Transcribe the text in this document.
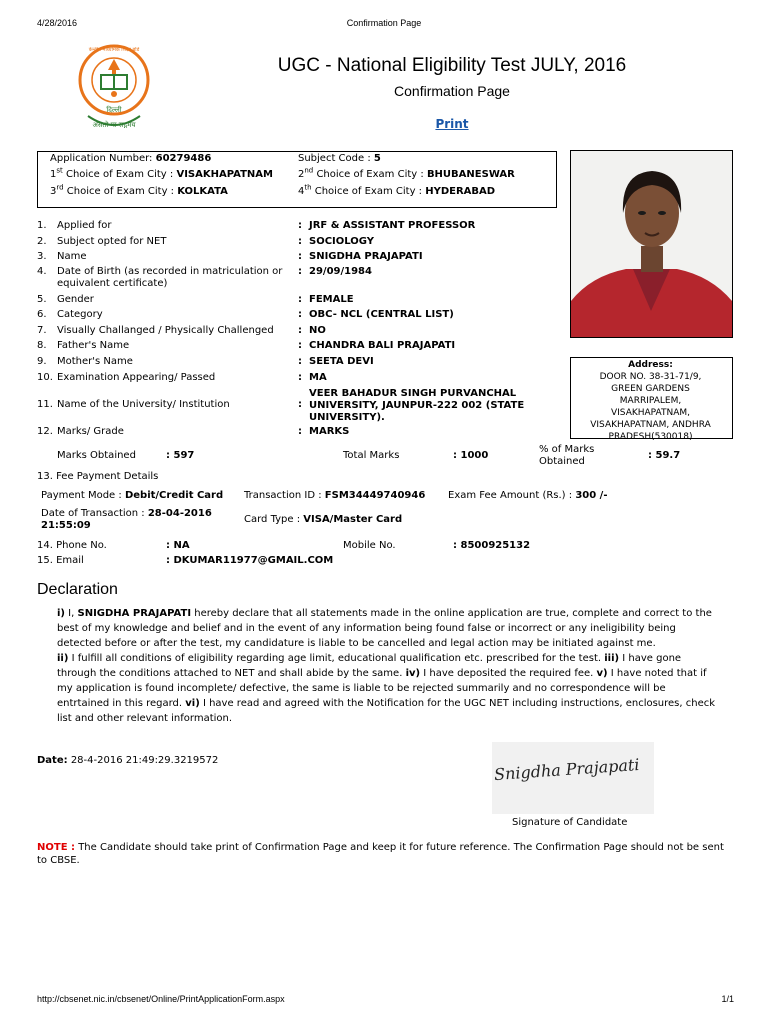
4/28/2016	Confirmation Page
http://cbsenet.nic.in/cbsenet/Online/PrintApplicationForm.aspx	1/1
केन्द्रीय माध्यमिक शिक्षा बोर्ड
दिल्ली
असतो मा सद्गमय
UGC - National Eligibility Test JULY, 2016
Confirmation Page
Print
Application Number: 60279486	Subject Code : 5
1st Choice of Exam City : VISAKHAPATNAM	2nd Choice of Exam City : BHUBANESWAR
3rd Choice of Exam City : KOLKATA	4th Choice of Exam City : HYDERABAD
Address:
DOOR NO. 38-31-71/9,
GREEN GARDENS
MARRIPALEM,
VISAKHAPATNAM,
VISAKHAPATNAM, ANDHRA
PRADESH(530018)
1.	Applied for	: JRF & ASSISTANT PROFESSOR
2.	Subject opted for NET	: SOCIOLOGY
3.	Name	: SNIGDHA PRAJAPATI
4.	Date of Birth (as recorded in matriculation or equivalent certificate)
: 29/09/1984
5.	Gender	: FEMALE
6.	Category	: OBC- NCL (CENTRAL LIST)
7.	Visually Challanged / Physically Challenged	: NO
8.	Father's Name	: CHANDRA BALI PRAJAPATI
9.	Mother's Name	: SEETA DEVI
10. Examination Appearing/ Passed	: MA
11. Name of the University/ Institution	:
VEER BAHADUR SINGH PURVANCHAL UNIVERSITY, JAUNPUR-222 002 (STATE UNIVERSITY).
12. Marks/ Grade	: MARKS
Marks Obtained	: 597	Total Marks	: 1000
% of Marks Obtained
: 59.7
13. Fee Payment Details
Payment Mode : Debit/Credit Card Transaction ID : FSM34449740946 Exam Fee Amount (Rs.) : 300 /-
Date of Transaction : 28-04-2016 21:55:09
Card Type : VISA/Master Card
14. Phone No.	: NA	Mobile No.	: 8500925132
15. Email	: DKUMAR11977@GMAIL.COM
Declaration
i) I, SNIGDHA PRAJAPATI hereby declare that all statements made in the online application are true, complete and correct to the best of my knowledge and belief and in the event of any information being found false or incorrect or any ineligibility being detected before or after the test, my candidature is liable to be cancelled and legal action may be initiated against me.
ii) I fulfill all conditions of eligibility regarding age limit, educational qualification etc. prescribed for the test. iii) I have gone through the conditions attached to NET and shall abide by the same. iv) I have deposited the required fee. v) I have noted that if my application is found incomplete/ defective, the same is liable to be rejected summarily and no correspondence will be entrtained in this regard. vi) I have read and agreed with the Notification for the UGC NET including instructions, enclosures, check list and other relevant information.
Date: 28-4-2016 21:49:29.3219572	Snigdha Prajapati
Signature of Candidate
NOTE : The Candidate should take print of Confirmation Page and keep it for future reference. The Confirmation Page should not be sent to CBSE.
